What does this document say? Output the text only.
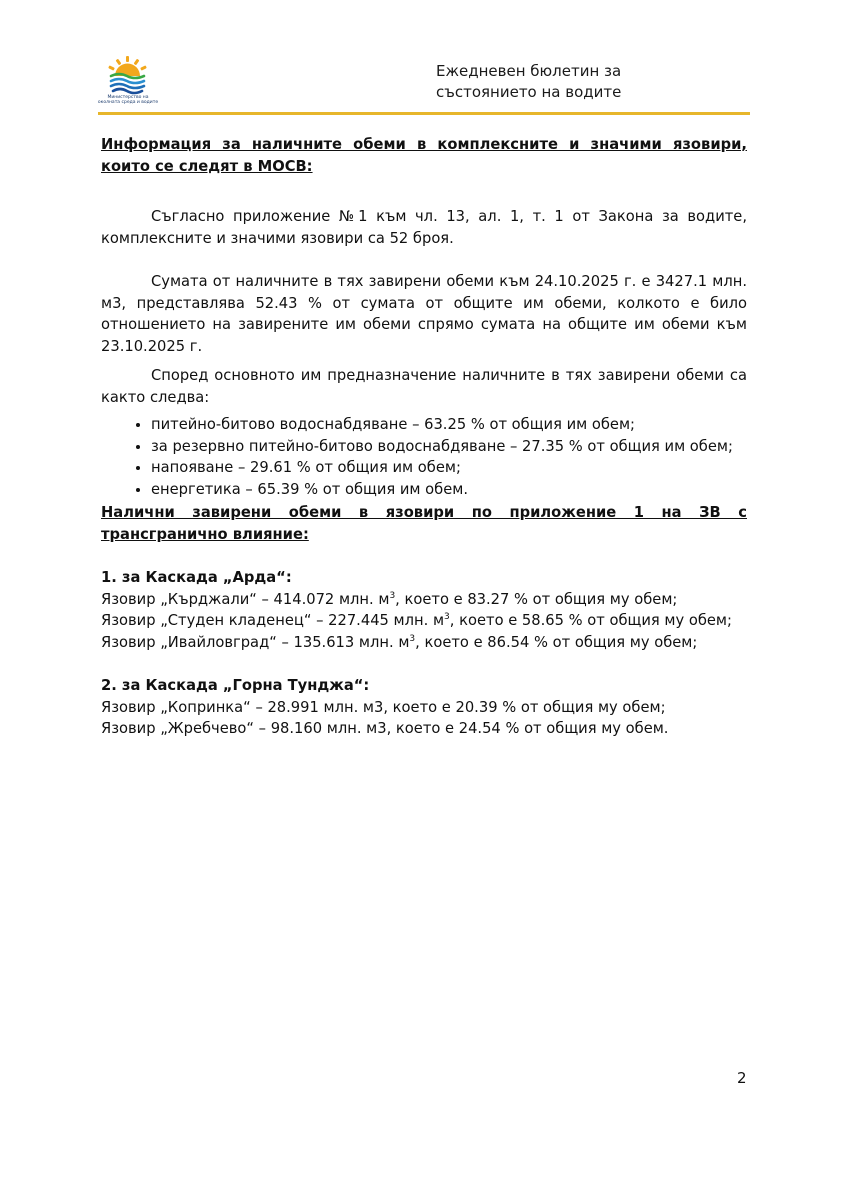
Министерство на
околната среда и водите
Ежедневен бюлетин за
състоянието на водите

Информация за наличните обеми в комплексните и значими язовири, които се следят в МОСВ:

Съгласно приложение №1 към чл. 13, ал. 1, т. 1 от Закона за водите, комплексните и значими язовири са 52 броя.

Сумата от наличните в тях завирени обеми към 24.10.2025 г. е 3427.1 млн. м3, представлява 52.43 % от сумата от общите им обеми, колкото е било отношението на завирените им обеми спрямо сумата на общите им обеми към 23.10.2025 г.

Според основното им предназначение наличните в тях завирени обеми са както следва:

• питейно-битово водоснабдяване – 63.25 % от общия им обем;
• за резервно питейно-битово водоснабдяване – 27.35 % от общия им обем;
• напояване – 29.61 % от общия им обем;
• енергетика – 65.39 % от общия им обем.

Налични завирени обеми в язовири по приложение 1 на ЗВ с трансгранично влияние:

1. за Каскада „Арда“:

Язовир „Кърджали“ – 414.072 млн. $м^3$, което е 83.27 % от общия му обем;

Язовир „Студен кладенец“ – 227.445 млн. $м^3$, което е 58.65 % от общия му обем;

Язовир „Ивайловград“ – 135.613 млн. $м^3$, което е 86.54 % от общия му обем;

2. за Каскада „Горна Тунджа“:

Язовир „Копринка“ – 28.991 млн. м3, което е 20.39 % от общия му обем;

Язовир „Жребчево“ – 98.160 млн. м3, което е 24.54 % от общия му обем.

2
